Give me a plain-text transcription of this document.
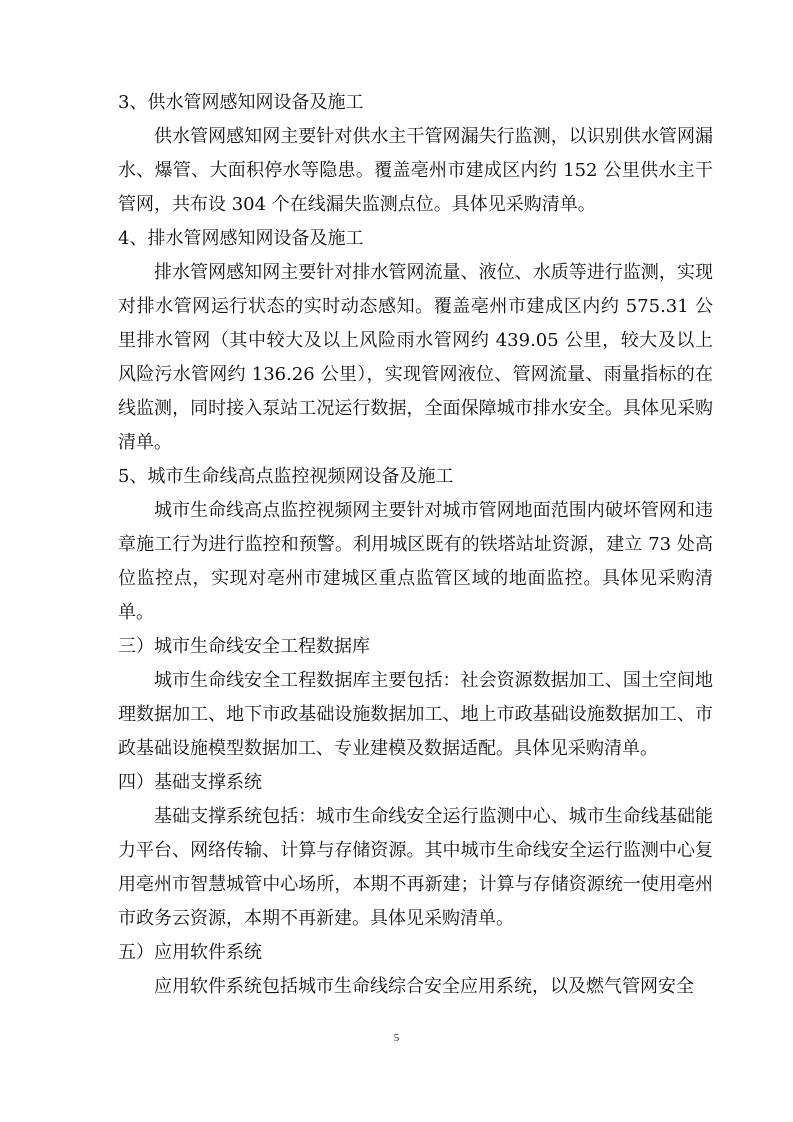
3、供水管网感知网设备及施工

供水管网感知网主要针对供水主干管网漏失行监测，以识别供水管网漏水、爆管、大面积停水等隐患。覆盖亳州市建成区内约 152 公里供水主干管网，共布设 304 个在线漏失监测点位。具体见采购清单。

4、排水管网感知网设备及施工

排水管网感知网主要针对排水管网流量、液位、水质等进行监测，实现对排水管网运行状态的实时动态感知。覆盖亳州市建成区内约 575.31 公里排水管网（其中较大及以上风险雨水管网约 439.05 公里，较大及以上风险污水管网约 136.26 公里），实现管网液位、管网流量、雨量指标的在线监测，同时接入泵站工况运行数据，全面保障城市排水安全。具体见采购清单。

5、城市生命线高点监控视频网设备及施工

城市生命线高点监控视频网主要针对城市管网地面范围内破坏管网和违章施工行为进行监控和预警。利用城区既有的铁塔站址资源，建立 73 处高位监控点，实现对亳州市建城区重点监管区域的地面监控。具体见采购清单。

三）城市生命线安全工程数据库

城市生命线安全工程数据库主要包括：社会资源数据加工、国土空间地理数据加工、地下市政基础设施数据加工、地上市政基础设施数据加工、市政基础设施模型数据加工、专业建模及数据适配。具体见采购清单。

四）基础支撑系统

基础支撑系统包括：城市生命线安全运行监测中心、城市生命线基础能力平台、网络传输、计算与存储资源。其中城市生命线安全运行监测中心复用亳州市智慧城管中心场所，本期不再新建；计算与存储资源统一使用亳州市政务云资源，本期不再新建。具体见采购清单。

五）应用软件系统

应用软件系统包括城市生命线综合安全应用系统，以及燃气管网安全

5
